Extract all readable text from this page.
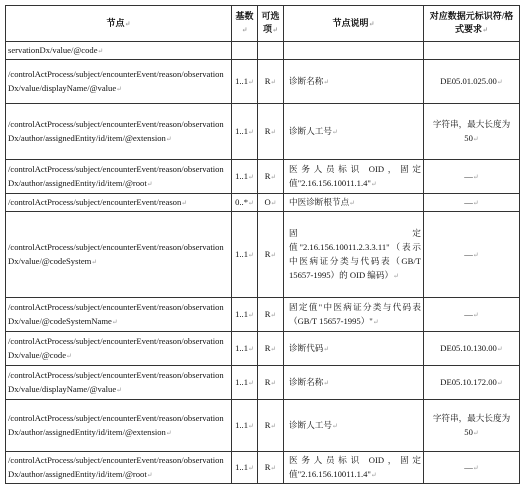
节点↵	基数↵	可选项↵	节点说明↵	对应数据元标识符/格式要求↵
servationDx/value/@code↵				
/controlActProcess/subject/encounterEvent/reason/observationDx/value/displayName/@value↵	1..1↵	R↵	诊断名称↵	DE05.01.025.00↵
/controlActProcess/subject/encounterEvent/reason/observationDx/author/assignedEntity/id/item/@extension↵	1..1↵	R↵	诊断人工号↵	字符串，最大长度为 50↵
/controlActProcess/subject/encounterEvent/reason/observationDx/author/assignedEntity/id/item/@root↵	1..1↵	R↵	医务人员标识 OID，固定值"2.16.156.10011.1.4"↵	—↵
/controlActProcess/subject/encounterEvent/reason↵	0..*↵	O↵	中医诊断根节点↵	—↵
/controlActProcess/subject/encounterEvent/reason/observationDx/value/@codeSystem↵	1..1↵	R↵	固定值"2.16.156.10011.2.3.3.11"（表示中医病证分类与代码表（GB/T 15657-1995）的 OID 编码）↵	—↵
/controlActProcess/subject/encounterEvent/reason/observationDx/value/@codeSystemName↵	1..1↵	R↵	固定值"中医病证分类与代码表（GB/T 15657-1995）"↵	—↵
/controlActProcess/subject/encounterEvent/reason/observationDx/value/@code↵	1..1↵	R↵	诊断代码↵	DE05.10.130.00↵
/controlActProcess/subject/encounterEvent/reason/observationDx/value/displayName/@value↵	1..1↵	R↵	诊断名称↵	DE05.10.172.00↵
/controlActProcess/subject/encounterEvent/reason/observationDx/author/assignedEntity/id/item/@extension↵	1..1↵	R↵	诊断人工号↵	字符串，最大长度为 50↵
/controlActProcess/subject/encounterEvent/reason/observationDx/author/assignedEntity/id/item/@root↵	1..1↵	R↵	医务人员标识 OID，固定值"2.16.156.10011.1.4"↵	—↵
